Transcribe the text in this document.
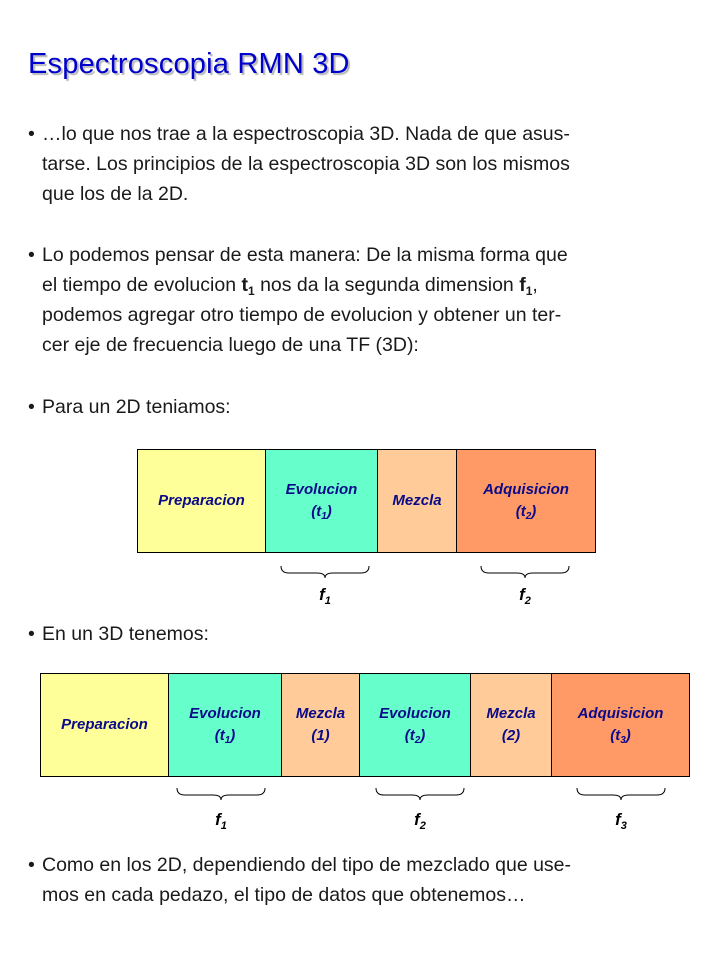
Espectroscopia RMN 3D
• …lo que nos trae a la espectroscopia 3D. Nada de que asus-
tarse. Los principios de la espectroscopia 3D son los mismos
que los de la 2D.
• Lo podemos pensar de esta manera: De la misma forma que
el tiempo de evolucion $t_1$ nos da la segunda dimension $f_1$,
podemos agregar otro tiempo de evolucion y obtener un ter-
cer eje de frecuencia luego de una TF (3D):
• Para un 2D teniamos:
Preparacion
Evolucion
$(t_1)$
Mezcla
Adquisicion
$(t_2)$
$f_1$	$f_2$
• En un 3D tenemos:
Preparacion
Evolucion
$(t_1)$
Mezcla
(1)
Evolucion
$(t_2)$
Mezcla
(2)
Adquisicion
$(t_3)$
$f_1$	$f_2$	$f_3$
• Como en los 2D, dependiendo del tipo de mezclado que use-
mos en cada pedazo, el tipo de datos que obtenemos…
